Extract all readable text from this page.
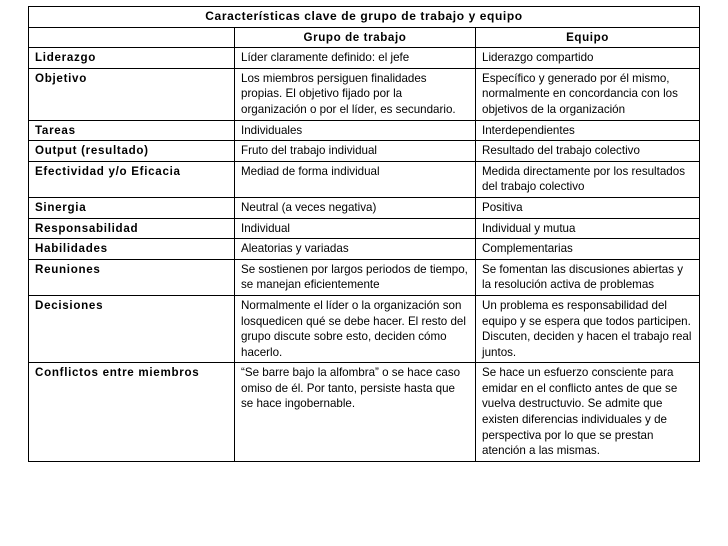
Características clave de grupo de trabajo y equipo		
	Grupo de trabajo	Equipo
Liderazgo	Líder claramente definido: el jefe	Liderazgo compartido
Objetivo	Los miembros persiguen finalidades propias. El objetivo fijado por la organización o por el líder, es secundario.	Específico y generado por él mismo, normalmente en concordancia con los objetivos de la organización
Tareas	Individuales	Interdependientes
Output (resultado)	Fruto del trabajo individual	Resultado del trabajo colectivo
Efectividad y/o Eficacia	Mediad de forma individual	Medida directamente por los resultados del trabajo colectivo
Sinergia	Neutral (a veces negativa)	Positiva
Responsabilidad	Individual	Individual y mutua
Habilidades	Aleatorias y variadas	Complementarias
Reuniones	Se sostienen por largos periodos de tiempo, se manejan eficientemente	Se fomentan las discusiones abiertas y la resolución activa de problemas
Decisiones	Normalmente el líder o la organización son losquedicen qué se debe hacer. El resto del grupo discute sobre esto, deciden cómo hacerlo.	Un problema es responsabilidad del equipo y se espera que todos participen. Discuten, deciden y hacen el trabajo real juntos.
Conflictos entre miembros	“Se barre bajo la alfombra” o se hace caso omiso de él. Por tanto, persiste hasta que se hace ingobernable.	Se hace un esfuerzo consciente para emidar en el conflicto antes de que se vuelva destructuvio. Se admite que existen diferencias individuales y de perspectiva por lo que se prestan atención a las mismas.
